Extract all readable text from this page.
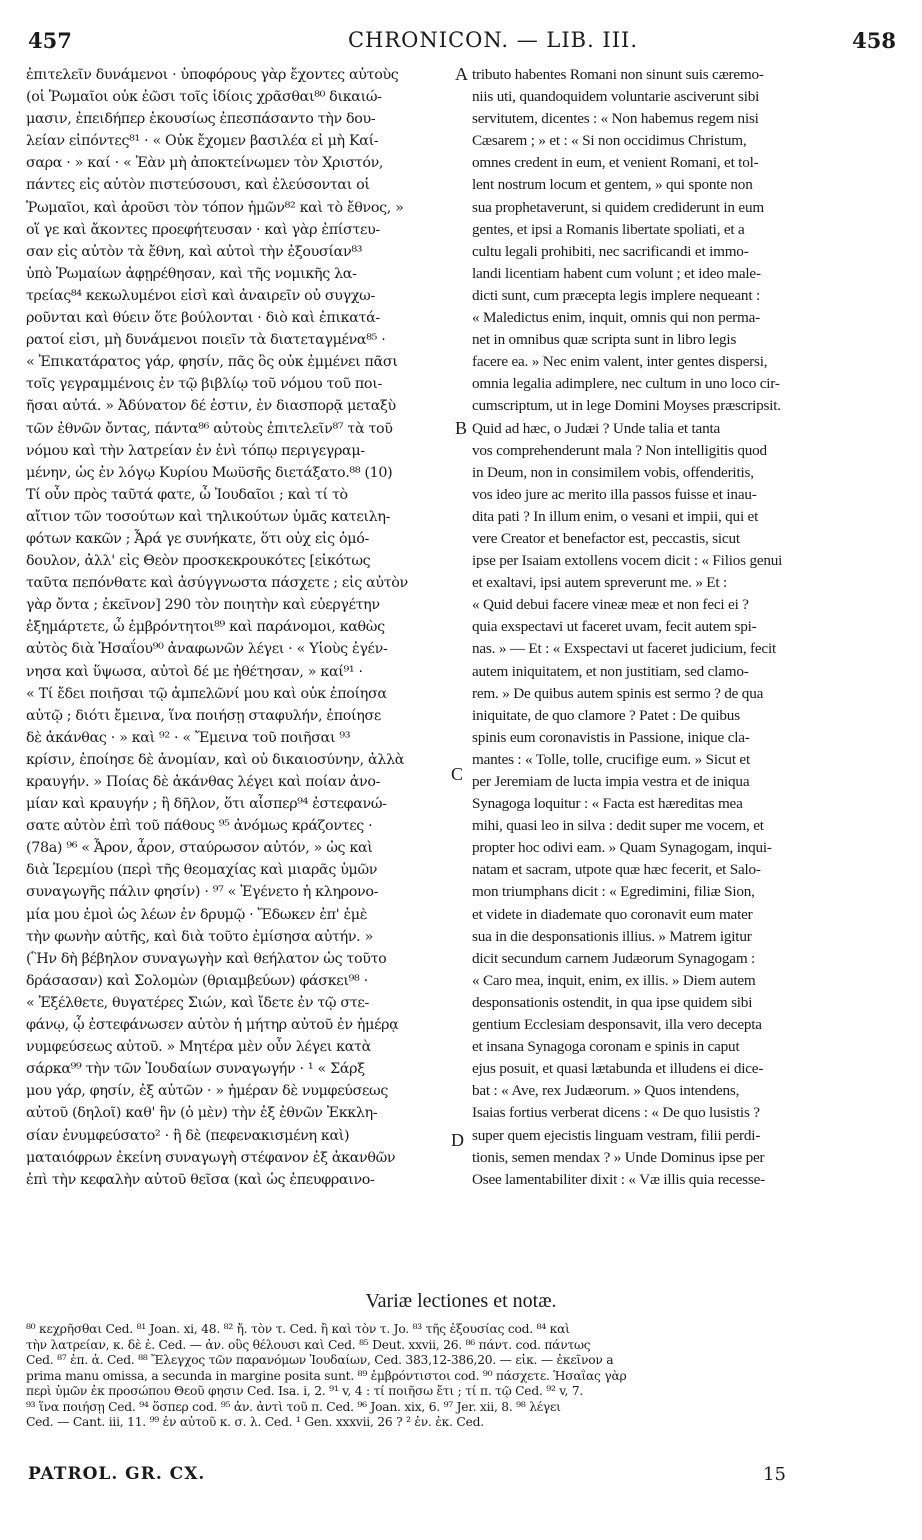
457	CHRONICON. — LIB. III.	458
ἐπιτελεῖν δυνάμενοι · ὑποφόρους γὰρ ἔχοντες αὐτοὺς
(οἱ Ῥωμαῖοι οὐκ ἐῶσι τοῖς ἰδίοις χρᾶσθαι⁸⁰ δικαιώ-
μασιν, ἐπειδήπερ ἑκουσίως ἐπεσπάσαντο τὴν δου-
λείαν εἰπόντες⁸¹ · « Οὐκ ἔχομεν βασιλέα εἰ μὴ Καί-
σαρα · » καί · « Ἐὰν μὴ ἀποκτείνωμεν τὸν Χριστόν,
πάντες εἰς αὐτὸν πιστεύσουσι, καὶ ἐλεύσονται οἱ
Ῥωμαῖοι, καὶ ἀροῦσι τὸν τόπον ἡμῶν⁸² καὶ τὸ ἔθνος, »
οἵ γε καὶ ἄκοντες προεφήτευσαν · καὶ γὰρ ἐπίστευ-
σαν εἰς αὐτὸν τὰ ἔθνη, καὶ αὐτοὶ τὴν ἐξουσίαν⁸³
ὑπὸ Ῥωμαίων ἀφῃρέθησαν, καὶ τῆς νομικῆς λα-
τρείας⁸⁴ κεκωλυμένοι εἰσὶ καὶ ἀναιρεῖν οὐ συγχω-
ροῦνται καὶ θύειν ὅτε βούλονται · διὸ καὶ ἐπικατά-
ρατοί εἰσι, μὴ δυνάμενοι ποιεῖν τὰ διατεταγμένα⁸⁵ ·
« Ἐπικατάρατος γάρ, φησίν, πᾶς ὃς οὐκ ἐμμένει πᾶσι
τοῖς γεγραμμένοις ἐν τῷ βιβλίῳ τοῦ νόμου τοῦ ποι-
ῆσαι αὐτά. » Ἀδύνατον δέ ἐστιν, ἐν διασπορᾷ μεταξὺ
τῶν ἐθνῶν ὄντας, πάντα⁸⁶ αὐτοὺς ἐπιτελεῖν⁸⁷ τὰ τοῦ
νόμου καὶ τὴν λατρείαν ἐν ἑνὶ τόπῳ περιγεγραμ-
μένην, ὡς ἐν λόγῳ Κυρίου Μωϋσῆς διετάξατο.⁸⁸ (10)
Τί οὖν πρὸς ταῦτά φατε, ὦ Ἰουδαῖοι ; καὶ τί τὸ
αἴτιον τῶν τοσούτων καὶ τηλικούτων ὑμᾶς κατειλη-
φότων κακῶν ; Ἆρά γε συνήκατε, ὅτι οὐχ εἰς ὁμό-
δουλον, ἀλλ' εἰς Θεὸν προσκεκρουκότες [εἰκότως
ταῦτα πεπόνθατε καὶ ἀσύγγνωστα πάσχετε ; εἰς αὐτὸν
γὰρ ὄντα ; ἐκεῖνον] 290 τὸν ποιητὴν καὶ εὐεργέτην
ἐξημάρτετε, ὦ ἐμβρόντητοι⁸⁹ καὶ παράνομοι, καθὼς
αὐτὸς διὰ Ἡσαΐου⁹⁰ ἀναφωνῶν λέγει · « Υἱοὺς ἐγέν-
νησα καὶ ὕψωσα, αὐτοὶ δέ με ἠθέτησαν, » καί⁹¹ ·
« Τί ἔδει ποιῆσαι τῷ ἀμπελῶνί μου καὶ οὐκ ἐποίησα
αὐτῷ ; διότι ἔμεινα, ἵνα ποιήσῃ σταφυλήν, ἐποίησε
δὲ ἀκάνθας · » καὶ ⁹² · « Ἔμεινα τοῦ ποιῆσαι ⁹³
κρίσιν, ἐποίησε δὲ ἀνομίαν, καὶ οὐ δικαιοσύνην, ἀλλὰ
κραυγήν. » Ποίας δὲ ἀκάνθας λέγει καὶ ποίαν ἀνο-
μίαν καὶ κραυγήν ; ἢ δῆλον, ὅτι αἷσπερ⁹⁴ ἐστεφανώ-
σατε αὐτὸν ἐπὶ τοῦ πάθους ⁹⁵ ἀνόμως κράζοντες ·
(78a) ⁹⁶ « Ἆρον, ἆρον, σταύρωσον αὐτόν, » ὡς καὶ
διὰ Ἱερεμίου (περὶ τῆς θεομαχίας καὶ μιαρᾶς ὑμῶν
συναγωγῆς πάλιν φησίν) · ⁹⁷ « Ἐγένετο ἡ κληρονο-
μία μου ἐμοὶ ὡς λέων ἐν δρυμῷ · Ἔδωκεν ἐπ' ἐμὲ
τὴν φωνὴν αὐτῆς, καὶ διὰ τοῦτο ἐμίσησα αὐτήν. »
(Ἣν δὴ βέβηλον συναγωγὴν καὶ θεήλατον ὡς τοῦτο
δράσασαν) καὶ Σολομὼν (θριαμβεύων) φάσκει⁹⁸ ·
« Ἐξέλθετε, θυγατέρες Σιών, καὶ ἴδετε ἐν τῷ στε-
φάνῳ, ᾧ ἐστεφάνωσεν αὐτὸν ἡ μήτηρ αὐτοῦ ἐν ἡμέρᾳ
νυμφεύσεως αὐτοῦ. » Μητέρα μὲν οὖν λέγει κατὰ
σάρκα⁹⁹ τὴν τῶν Ἰουδαίων συναγωγήν · ¹ « Σάρξ
μου γάρ, φησίν, ἐξ αὐτῶν · » ἡμέραν δὲ νυμφεύσεως
αὐτοῦ (δηλοῖ) καθ' ἣν (ὁ μὲν) τὴν ἐξ ἐθνῶν Ἐκκλη-
σίαν ἐνυμφεύσατο² · ἣ δὲ (πεφενακισμένη καὶ)
ματαιόφρων ἐκείνη συναγωγὴ στέφανον ἐξ ἀκανθῶν
ἐπὶ τὴν κεφαλὴν αὐτοῦ θεῖσα (καὶ ὡς ἐπευφραινο-
A
B
C
D
tributo habentes Romani non sinunt suis cæremo-
niis uti, quandoquidem voluntarie asciverunt sibi
servitutem, dicentes : « Non habemus regem nisi
Cæsarem ; » et : « Si non occidimus Christum,
omnes credent in eum, et venient Romani, et tol-
lent nostrum locum et gentem, » qui sponte non
sua prophetaverunt, si quidem crediderunt in eum
gentes, et ipsi a Romanis libertate spoliati, et a
cultu legali prohibiti, nec sacrificandi et immo-
landi licentiam habent cum volunt ; et ideo male-
dicti sunt, cum præcepta legis implere nequeant :
« Maledictus enim, inquit, omnis qui non perma-
net in omnibus quæ scripta sunt in libro legis
facere ea. » Nec enim valent, inter gentes dispersi,
omnia legalia adimplere, nec cultum in uno loco cir-
cumscriptum, ut in lege Domini Moyses præscripsit.
Quid ad hæc, o Judæi ? Unde talia et tanta
vos comprehenderunt mala ? Non intelligitis quod
in Deum, non in consimilem vobis, offenderitis,
vos ideo jure ac merito illa passos fuisse et inau-
dita pati ? In illum enim, o vesani et impii, qui et
vere Creator et benefactor est, peccastis, sicut
ipse per Isaiam extollens vocem dicit : « Filios genui
et exaltavi, ipsi autem spreverunt me. » Et :
« Quid debui facere vineæ meæ et non feci ei ?
quia exspectavi ut faceret uvam, fecit autem spi-
nas. » — Et : « Exspectavi ut faceret judicium, fecit
autem iniquitatem, et non justitiam, sed clamo-
rem. » De quibus autem spinis est sermo ? de qua
iniquitate, de quo clamore ? Patet : De quibus
spinis eum coronavistis in Passione, inique cla-
mantes : « Tolle, tolle, crucifige eum. » Sicut et
per Jeremiam de lucta impia vestra et de iniqua
Synagoga loquitur : « Facta est hæreditas mea
mihi, quasi leo in silva : dedit super me vocem, et
propter hoc odivi eam. » Quam Synagogam, inqui-
natam et sacram, utpote quæ hæc fecerit, et Salo-
mon triumphans dicit : « Egredimini, filiæ Sion,
et videte in diademate quo coronavit eum mater
sua in die desponsationis illius. » Matrem igitur
dicit secundum carnem Judæorum Synagogam :
« Caro mea, inquit, enim, ex illis. » Diem autem
desponsationis ostendit, in qua ipse quidem sibi
gentium Ecclesiam desponsavit, illa vero decepta
et insana Synagoga coronam e spinis in caput
ejus posuit, et quasi lætabunda et illudens ei dice-
bat : « Ave, rex Judæorum. » Quos intendens,
Isaias fortius verberat dicens : « De quo lusistis ?
super quem ejecistis linguam vestram, filii perdi-
tionis, semen mendax ? » Unde Dominus ipse per
Osee lamentabiliter dixit : « Væ illis quia recesse-
Variæ lectiones et notæ.
⁸⁰ κεχρῆσθαι Ced. ⁸¹ Joan. xi, 48. ⁸² ἤ. τὸν τ. Ced. ἢ καὶ τὸν τ. Jo. ⁸³ τῆς ἐξουσίας cod. ⁸⁴ καὶ
τὴν λατρείαν, κ. δὲ ἐ. Ced. — ἀν. οὓς θέλουσι καὶ Ced. ⁸⁵ Deut. xxvii, 26. ⁸⁶ πάντ. cod. πάντως
Ced. ⁸⁷ ἐπ. ἀ. Ced. ⁸⁸ Ἔλεγχος τῶν παρανόμων Ἰουδαίων, Ced. 383,12-386,20. — εἰκ. — ἐκεῖνον a
prima manu omissa, a secunda in margine posita sunt. ⁸⁹ ἐμβρόντιστοι cod. ⁹⁰ πάσχετε. Ἡσαΐας γὰρ
περὶ ὑμῶν ἐκ προσώπου Θεοῦ φησιν Ced. Isa. i, 2. ⁹¹ v, 4 : τί ποιῆσω ἔτι ; τί π. τῷ Ced. ⁹² v, 7.
⁹³ ἵνα ποιήσῃ Ced. ⁹⁴ ὅσπερ cod. ⁹⁵ ἀν. ἀντὶ τοῦ π. Ced. ⁹⁶ Joan. xix, 6. ⁹⁷ Jer. xii, 8. ⁹⁸ λέγει
Ced. — Cant. iii, 11. ⁹⁹ ἐν αὐτοῦ κ. σ. λ. Ced. ¹ Gen. xxxvii, 26 ? ² ἐν. ἐκ. Ced.
PATROL. GR. CX.	15
